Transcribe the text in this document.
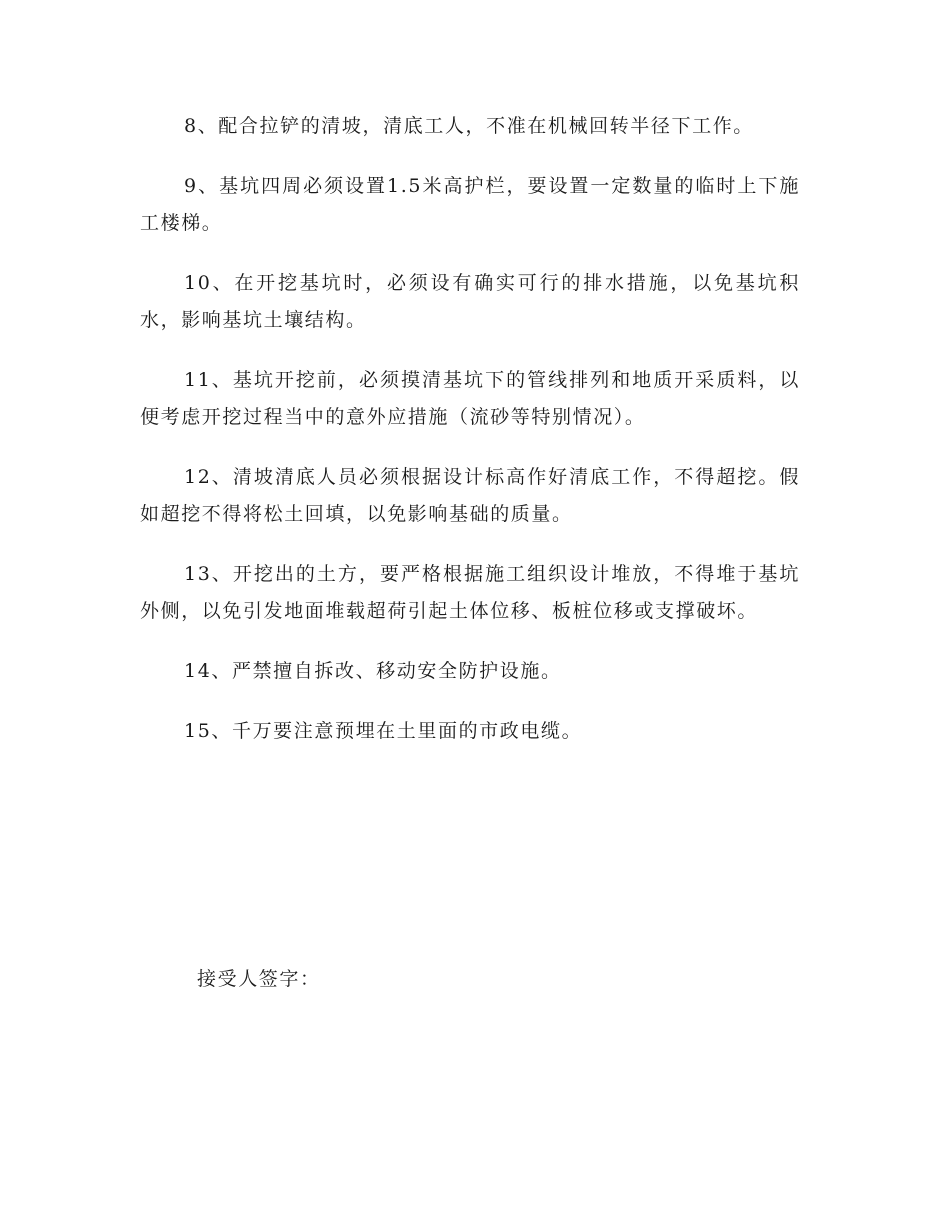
8、配合拉铲的清坡，清底工人，不准在机械回转半径下工作。

9、基坑四周必须设置1.5米高护栏，要设置一定数量的临时上下施工楼梯。

10、在开挖基坑时，必须设有确实可行的排水措施，以免基坑积水，影响基坑土壤结构。

11、基坑开挖前，必须摸清基坑下的管线排列和地质开采质料，以便考虑开挖过程当中的意外应措施（流砂等特别情况）。

12、清坡清底人员必须根据设计标高作好清底工作，不得超挖。假如超挖不得将松土回填，以免影响基础的质量。

13、开挖出的土方，要严格根据施工组织设计堆放，不得堆于基坑外侧，以免引发地面堆载超荷引起土体位移、板桩位移或支撑破坏。

14、严禁擅自拆改、移动安全防护设施。

15、千万要注意预埋在土里面的市政电缆。

接受人签字：
